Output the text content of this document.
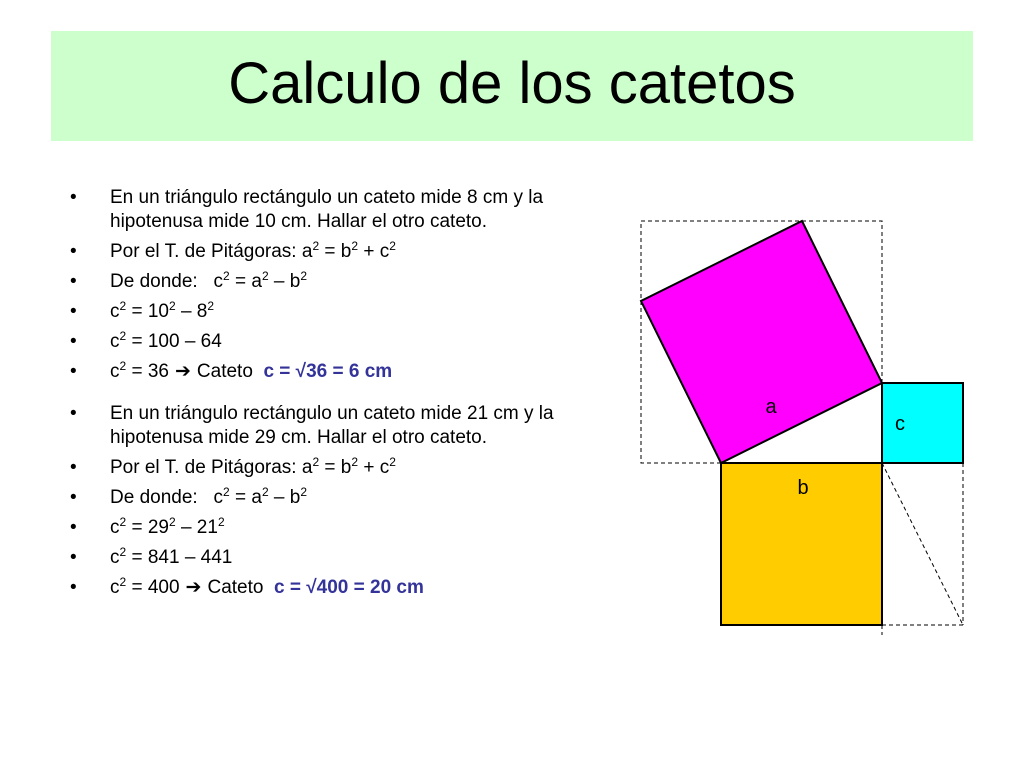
Calculo de los catetos
• En un triángulo rectángulo un cateto mide 8 cm y la hipotenusa mide 10 cm. Hallar el otro cateto.
• Por el T. de Pitágoras: $a^2 = b^2 + c^2$
• De donde:   $c^2 = a^2 - b^2$
• $c^2 = 10^2 - 8^2$
• $c^2 = 100 - 64$
• $c^2 = 36$ ➔ Cateto c = √36 = 6 cm
• En un triángulo rectángulo un cateto mide 21 cm y la hipotenusa mide 29 cm. Hallar el otro cateto.
• Por el T. de Pitágoras: $a^2 = b^2 + c^2$
• De donde:   $c^2 = a^2 - b^2$
• $c^2 = 29^2 - 21^2$
• $c^2 = 841 - 441$
• $c^2 = 400$ ➔ Cateto c = √400 = 20 cm
a
b
c
